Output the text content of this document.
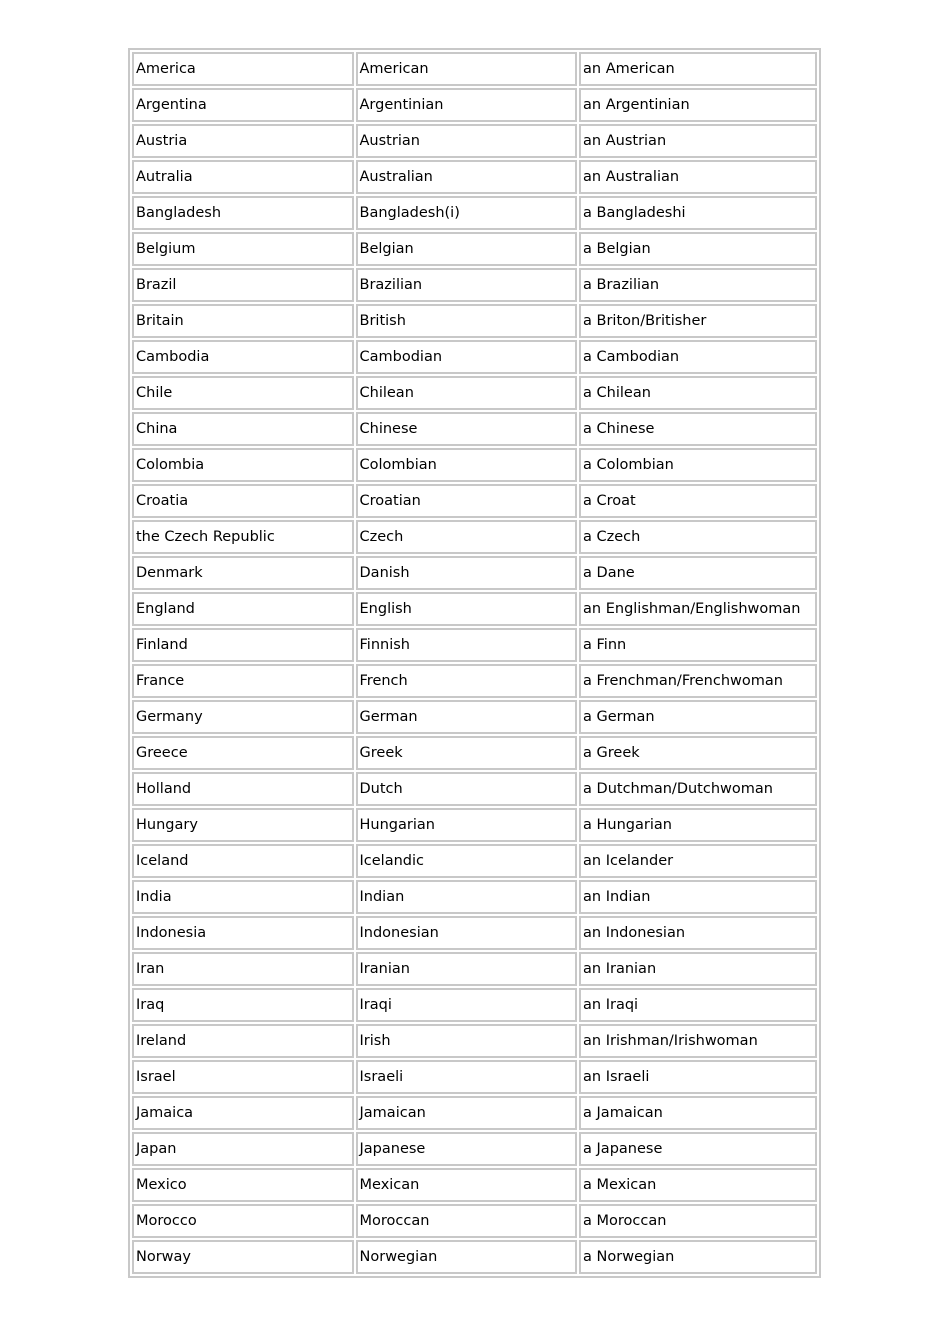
America	American	an American
Argentina	Argentinian	an Argentinian
Austria	Austrian	an Austrian
Autralia	Australian	an Australian
Bangladesh	Bangladesh(i)	a Bangladeshi
Belgium	Belgian	a Belgian
Brazil	Brazilian	a Brazilian
Britain	British	a Briton/Britisher
Cambodia	Cambodian	a Cambodian
Chile	Chilean	a Chilean
China	Chinese	a Chinese
Colombia	Colombian	a Colombian
Croatia	Croatian	a Croat
the Czech Republic	Czech	a Czech
Denmark	Danish	a Dane
England	English	an Englishman/Englishwoman
Finland	Finnish	a Finn
France	French	a Frenchman/Frenchwoman
Germany	German	a German
Greece	Greek	a Greek
Holland	Dutch	a Dutchman/Dutchwoman
Hungary	Hungarian	a Hungarian
Iceland	Icelandic	an Icelander
India	Indian	an Indian
Indonesia	Indonesian	an Indonesian
Iran	Iranian	an Iranian
Iraq	Iraqi	an Iraqi
Ireland	Irish	an Irishman/Irishwoman
Israel	Israeli	an Israeli
Jamaica	Jamaican	a Jamaican
Japan	Japanese	a Japanese
Mexico	Mexican	a Mexican
Morocco	Moroccan	a Moroccan
Norway	Norwegian	a Norwegian
